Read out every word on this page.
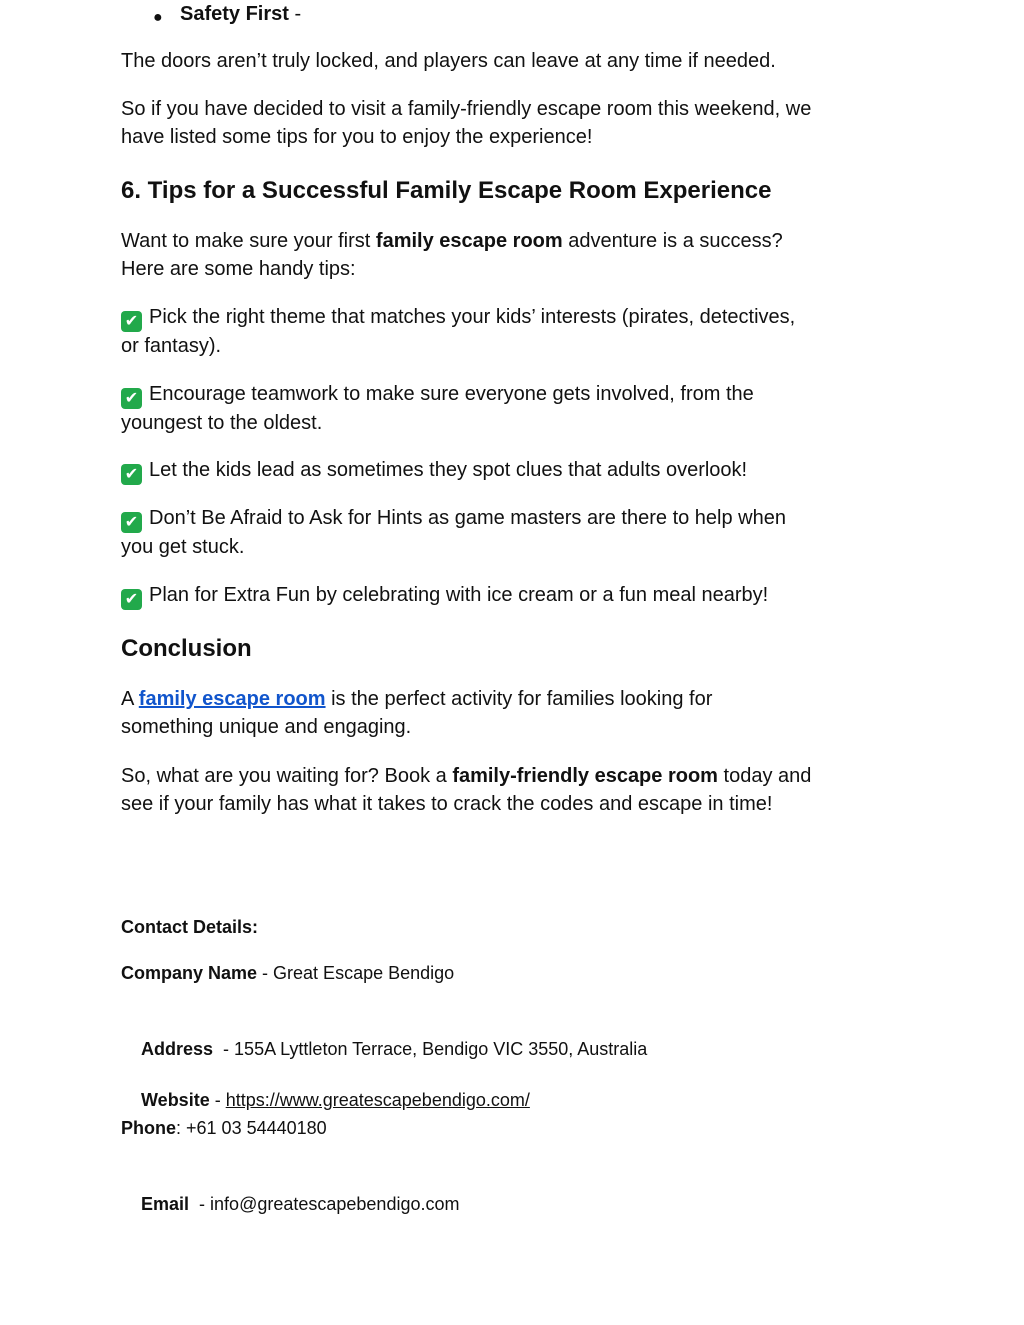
● Safety First -

The doors aren’t truly locked, and players can leave at any time if needed.

So if you have decided to visit a family-friendly escape room this weekend, we
have listed some tips for you to enjoy the experience!
6. Tips for a Successful Family Escape Room Experience
Want to make sure your first family escape room adventure is a success?
Here are some handy tips:
✔ Pick the right theme that matches your kids’ interests (pirates, detectives,
or fantasy).
✔ Encourage teamwork to make sure everyone gets involved, from the
youngest to the oldest.
✔ Let the kids lead as sometimes they spot clues that adults overlook!
✔ Don’t Be Afraid to Ask for Hints as game masters are there to help when
you get stuck.
✔ Plan for Extra Fun by celebrating with ice cream or a fun meal nearby!
Conclusion
A family escape room is the perfect activity for families looking for
something unique and engaging.
So, what are you waiting for? Book a family-friendly escape room today and
see if your family has what it takes to crack the codes and escape in time!
Contact Details:
Company Name - Great Escape Bendigo

Address  - 155A Lyttleton Terrace, Bendigo VIC 3550, Australia

Website - https://www.greatescapebendigo.com/

Phone: +61 03 54440180

Email  - info@greatescapebendigo.com
